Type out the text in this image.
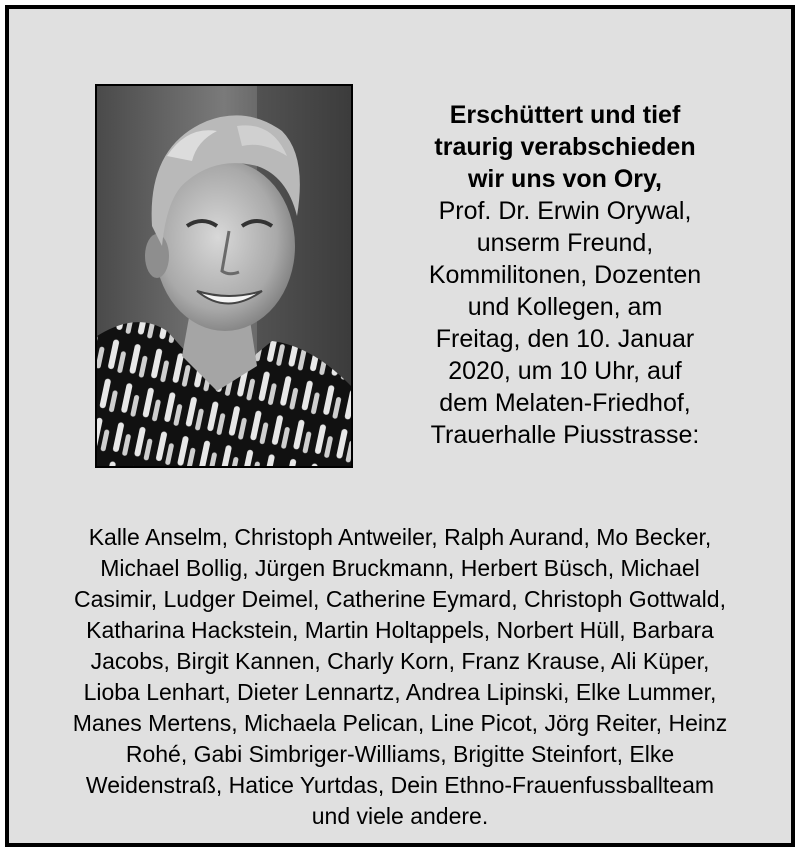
Erschüttert und tief
traurig verabschieden
wir uns von Ory,
Prof. Dr. Erwin Orywal,
unserm Freund,
Kommilitonen, Dozenten
und Kollegen, am
Freitag, den 10. Januar
2020, um 10 Uhr, auf
dem Melaten-Friedhof,
Trauerhalle Piusstrasse:
Kalle Anselm, Christoph Antweiler, Ralph Aurand, Mo Becker,
Michael Bollig, Jürgen Bruckmann, Herbert Büsch, Michael
Casimir, Ludger Deimel, Catherine Eymard, Christoph Gottwald,
Katharina Hackstein, Martin Holtappels, Norbert Hüll, Barbara
Jacobs, Birgit Kannen, Charly Korn, Franz Krause, Ali Küper,
Lioba Lenhart, Dieter Lennartz, Andrea Lipinski, Elke Lummer,
Manes Mertens, Michaela Pelican, Line Picot, Jörg Reiter, Heinz
Rohé, Gabi Simbriger-Williams, Brigitte Steinfort, Elke
Weidenstraß, Hatice Yurtdas, Dein Ethno-Frauenfussballteam
und viele andere.
